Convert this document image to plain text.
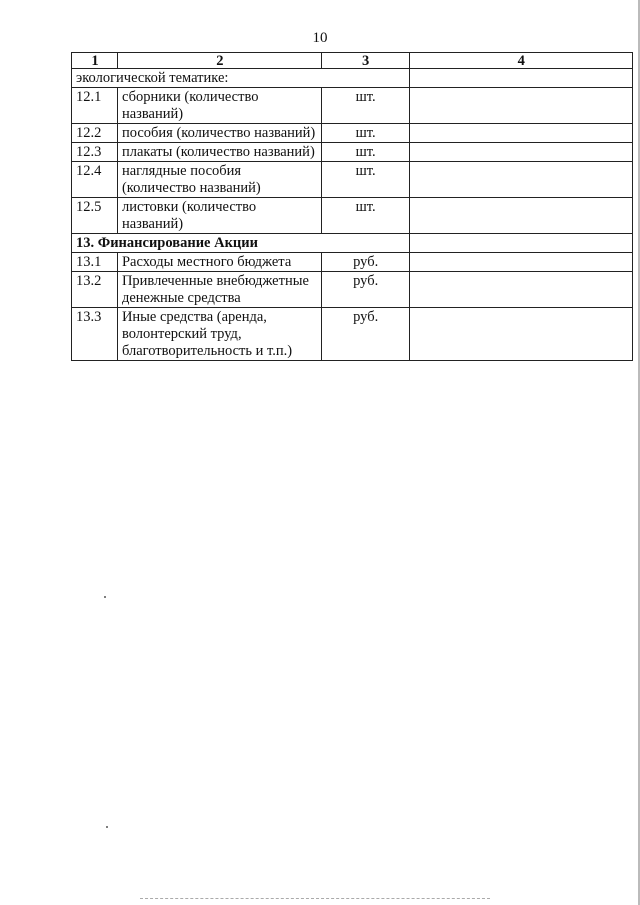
10
1	2	3	4
экологической тематике:			
12.1	сборники (количество названий)	шт.	
12.2	пособия (количество названий)	шт.	
12.3	плакаты (количество названий)	шт.	
12.4	наглядные пособия (количество названий)	шт.	
12.5	листовки (количество названий)	шт.	
13. Финансирование Акции			
13.1	Расходы местного бюджета	руб.	
13.2	Привлеченные внебюджетные денежные средства	руб.	
13.3	Иные средства (аренда, волонтерский труд, благотворительность и т.п.)	руб.	
